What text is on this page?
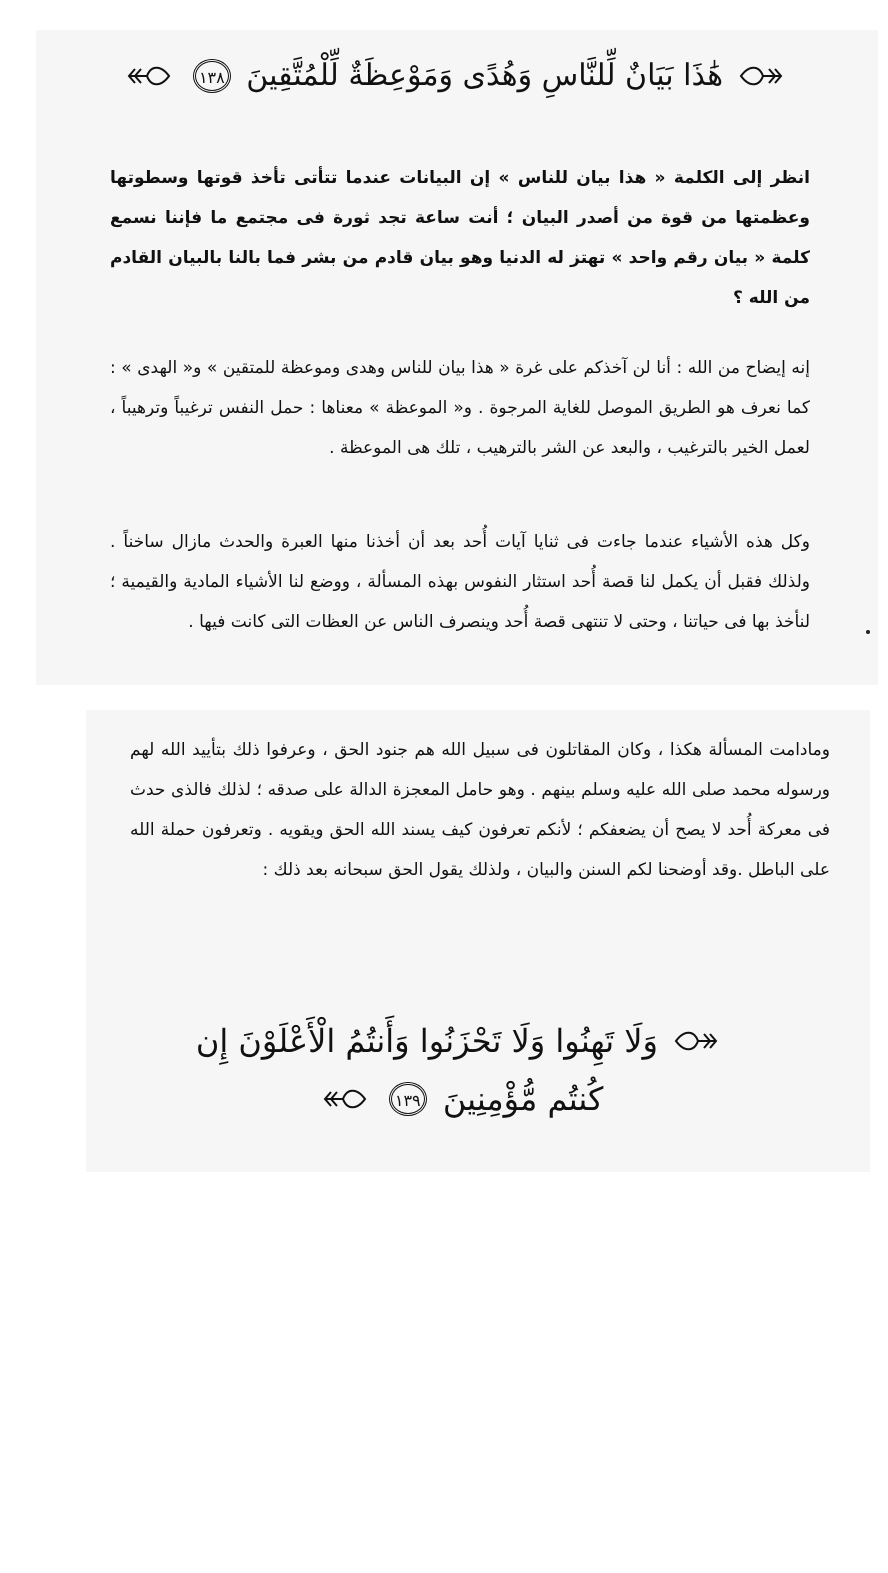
هَٰذَا بَيَانٌ لِّلنَّاسِ وَهُدًى وَمَوْعِظَةٌ لِّلْمُتَّقِينَ ١٣٨

انظر إلى الكلمة « هذا بيان للناس » إن البيانات عندما تتأتى تأخذ قوتها وسطوتها وعظمتها من قوة من أصدر البيان ؛ أنت ساعة تجد ثورة فى مجتمع ما فإننا نسمع كلمة « بيان رقم واحد » تهتز له الدنيا وهو بيان قادم من بشر فما بالنا بالبيان القادم من الله ؟

إنه إيضاح من الله : أنا لن آخذكم على غرة « هذا بيان للناس وهدى وموعظة للمتقين » و« الهدى » : كما نعرف هو الطريق الموصل للغاية المرجوة . و« الموعظة » معناها : حمل النفس ترغيباً وترهيباً ، لعمل الخير بالترغيب ، والبعد عن الشر بالترهيب ، تلك هى الموعظة .

وكل هذه الأشياء عندما جاءت فى ثنايا آيات أُحد بعد أن أخذنا منها العبرة والحدث مازال ساخناً . ولذلك فقبل أن يكمل لنا قصة أُحد استثار النفوس بهذه المسألة ، ووضع لنا الأشياء المادية والقيمية ؛ لنأخذ بها فى حياتنا ، وحتى لا تنتهى قصة أُحد وينصرف الناس عن العظات التى كانت فيها .

ومادامت المسألة هكذا ، وكان المقاتلون فى سبيل الله هم جنود الحق ، وعرفوا ذلك بتأييد الله لهم ورسوله محمد صلى الله عليه وسلم بينهم . وهو حامل المعجزة الدالة على صدقه ؛ لذلك فالذى حدث فى معركة أُحد لا يصح أن يضعفكم ؛ لأنكم تعرفون كيف يسند الله الحق ويقويه . وتعرفون حملة الله على الباطل .وقد أوضحنا لكم السنن والبيان ، ولذلك يقول الحق سبحانه بعد ذلك :

وَلَا تَهِنُوا وَلَا تَحْزَنُوا وَأَنتُمُ الْأَعْلَوْنَ إِن
كُنتُم مُّؤْمِنِينَ ١٣٩
